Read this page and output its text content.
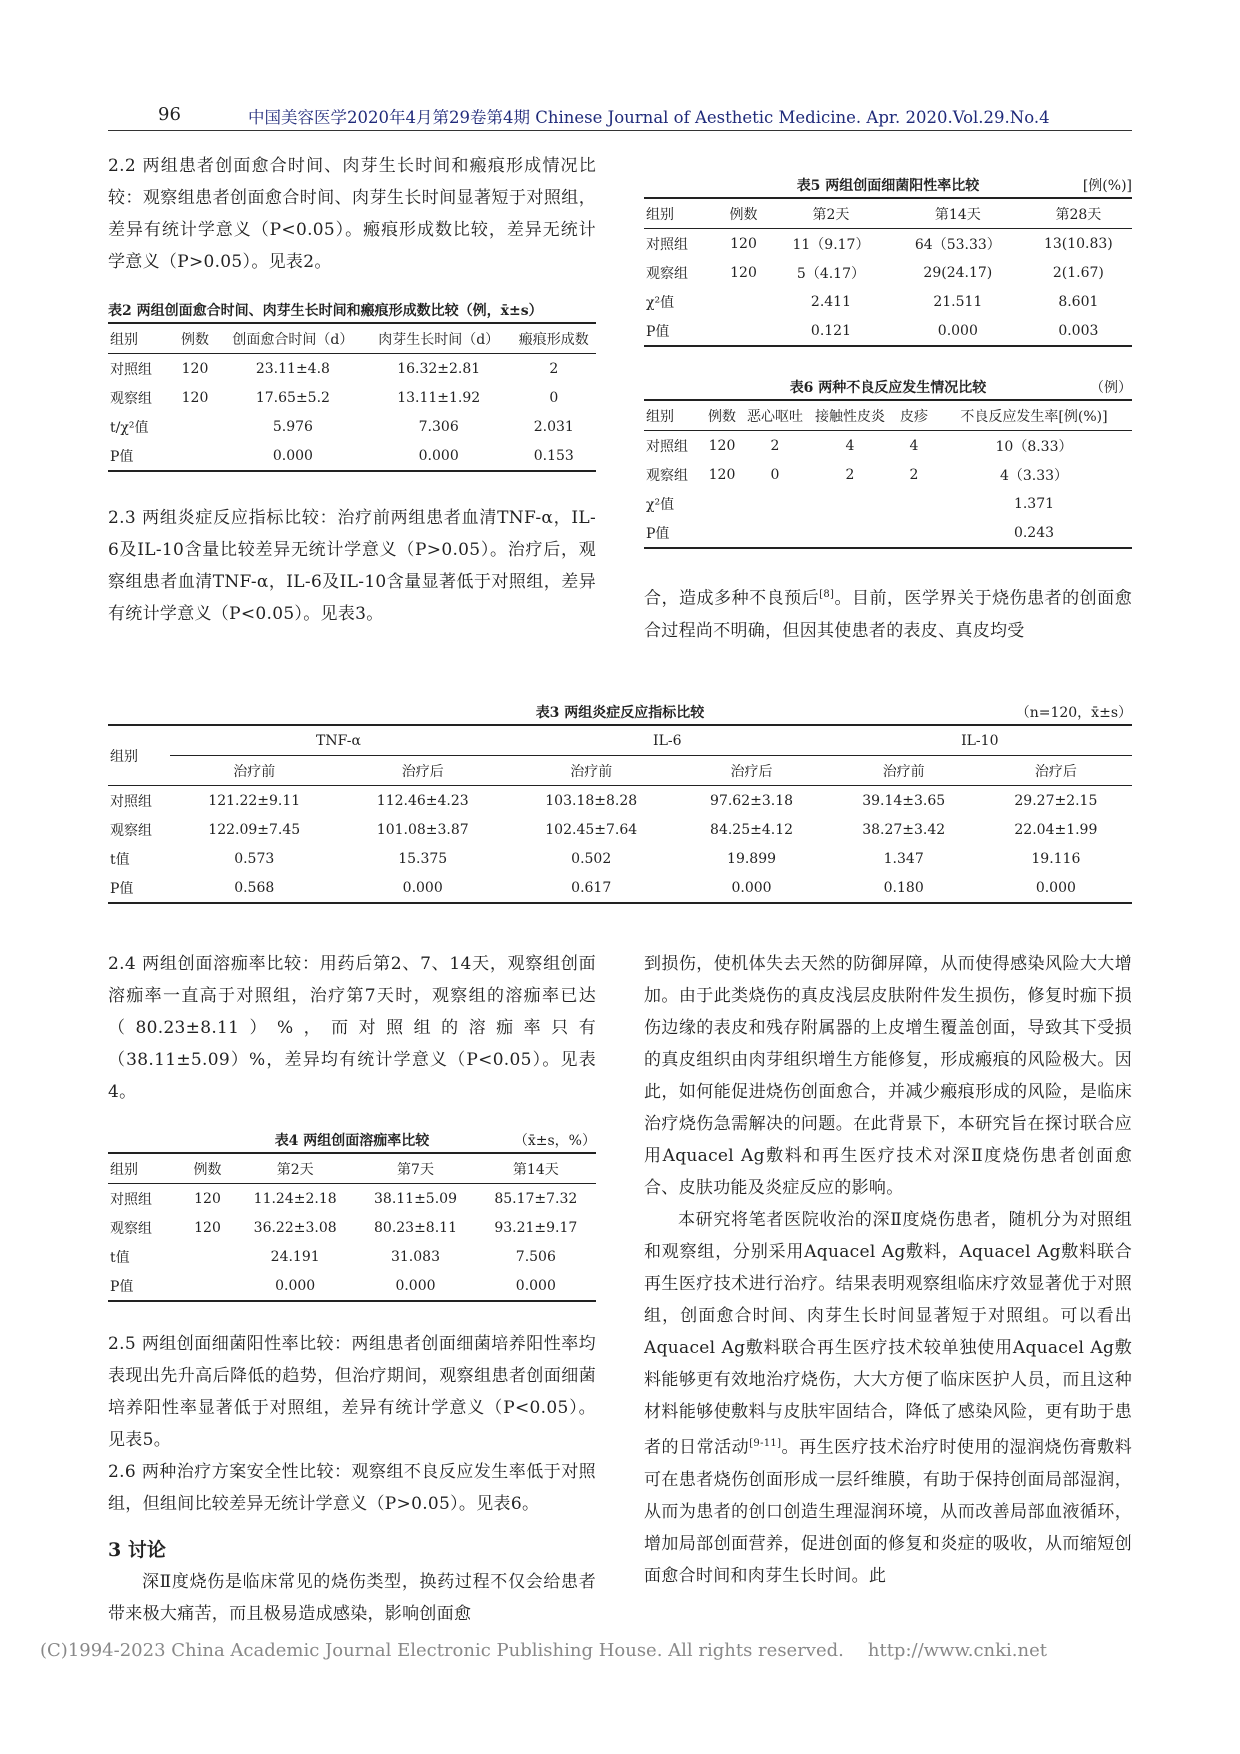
96	中国美容医学2020年4月第29卷第4期 Chinese Journal of Aesthetic Medicine. Apr. 2020.Vol.29.No.4

2.2 两组患者创面愈合时间、肉芽生长时间和瘢痕形成情况比较：观察组患者创面愈合时间、肉芽生长时间显著短于对照组，差异有统计学意义（P<0.05）。瘢痕形成数比较，差异无统计学意义（P>0.05）。见表2。

表2 两组创面愈合时间、肉芽生长时间和瘢痕形成数比较（例，x̄±s）
组别	例数	创面愈合时间（d）	肉芽生长时间（d）	瘢痕形成数
对照组	120	23.11±4.8	16.32±2.81	2
观察组	120	17.65±5.2	13.11±1.92	0
t/χ²值		5.976	7.306	2.031
P值		0.000	0.000	0.153

2.3 两组炎症反应指标比较：治疗前两组患者血清TNF-α，IL-6及IL-10含量比较差异无统计学意义（P>0.05）。治疗后，观察组患者血清TNF-α，IL-6及IL-10含量显著低于对照组，差异有统计学意义（P<0.05）。见表3。

表5 两组创面细菌阳性率比较	[例(%)]
组别	例数	第2天	第14天	第28天
对照组	120	11（9.17）	64（53.33）	13(10.83)
观察组	120	5（4.17）	29(24.17)	2(1.67)
χ²值		2.411	21.511	8.601
P值		0.121	0.000	0.003
表6 两种不良反应发生情况比较	（例）
组别	例数	恶心呕吐	接触性皮炎	皮疹	不良反应发生率[例(%)]
对照组	120	2	4	4	10（8.33）
观察组	120	0	2	2	4（3.33）
χ²值					1.371
P值					0.243

合，造成多种不良预后[8]。目前，医学界关于烧伤患者的创面愈合过程尚不明确，但因其使患者的表皮、真皮均受

表3 两组炎症反应指标比较	（n=120，x̄±s）
组别	TNF-α		IL-6		IL-10	
	治疗前	治疗后	治疗前	治疗后	治疗前	治疗后
对照组	121.22±9.11	112.46±4.23	103.18±8.28	97.62±3.18	39.14±3.65	29.27±2.15
观察组	122.09±7.45	101.08±3.87	102.45±7.64	84.25±4.12	38.27±3.42	22.04±1.99
t值	0.573	15.375	0.502	19.899	1.347	19.116
P值	0.568	0.000	0.617	0.000	0.180	0.000

2.4 两组创面溶痂率比较：用药后第2、7、14天，观察组创面溶痂率一直高于对照组，治疗第7天时，观察组的溶痂率已达（80.23±8.11）%，而对照组的溶痂率只有（38.11±5.09）%，差异均有统计学意义（P<0.05）。见表4。

表4 两组创面溶痂率比较	（x̄±s，%）
组别	例数	第2天	第7天	第14天
对照组	120	11.24±2.18	38.11±5.09	85.17±7.32
观察组	120	36.22±3.08	80.23±8.11	93.21±9.17
t值		24.191	31.083	7.506
P值		0.000	0.000	0.000

2.5 两组创面细菌阳性率比较：两组患者创面细菌培养阳性率均表现出先升高后降低的趋势，但治疗期间，观察组患者创面细菌培养阳性率显著低于对照组，差异有统计学意义（P<0.05）。见表5。

2.6 两种治疗方案安全性比较：观察组不良反应发生率低于对照组，但组间比较差异无统计学意义（P>0.05）。见表6。

3 讨论

深Ⅱ度烧伤是临床常见的烧伤类型，换药过程不仅会给患者带来极大痛苦，而且极易造成感染，影响创面愈

到损伤，使机体失去天然的防御屏障，从而使得感染风险大大增加。由于此类烧伤的真皮浅层皮肤附件发生损伤，修复时痂下损伤边缘的表皮和残存附属器的上皮增生覆盖创面，导致其下受损的真皮组织由肉芽组织增生方能修复，形成瘢痕的风险极大。因此，如何能促进烧伤创面愈合，并减少瘢痕形成的风险，是临床治疗烧伤急需解决的问题。在此背景下，本研究旨在探讨联合应用Aquacel Ag敷料和再生医疗技术对深Ⅱ度烧伤患者创面愈合、皮肤功能及炎症反应的影响。

本研究将笔者医院收治的深Ⅱ度烧伤患者，随机分为对照组和观察组，分别采用Aquacel Ag敷料，Aquacel Ag敷料联合再生医疗技术进行治疗。结果表明观察组临床疗效显著优于对照组，创面愈合时间、肉芽生长时间显著短于对照组。可以看出Aquacel Ag敷料联合再生医疗技术较单独使用Aquacel Ag敷料能够更有效地治疗烧伤，大大方便了临床医护人员，而且这种材料能够使敷料与皮肤牢固结合，降低了感染风险，更有助于患者的日常活动[9-11]。再生医疗技术治疗时使用的湿润烧伤膏敷料可在患者烧伤创面形成一层纤维膜，有助于保持创面局部湿润，从而为患者的创口创造生理湿润环境，从而改善局部血液循环，增加局部创面营养，促进创面的修复和炎症的吸收，从而缩短创面愈合时间和肉芽生长时间。此

(C)1994-2023 China Academic Journal Electronic Publishing House. All rights reserved. http://www.cnki.net
